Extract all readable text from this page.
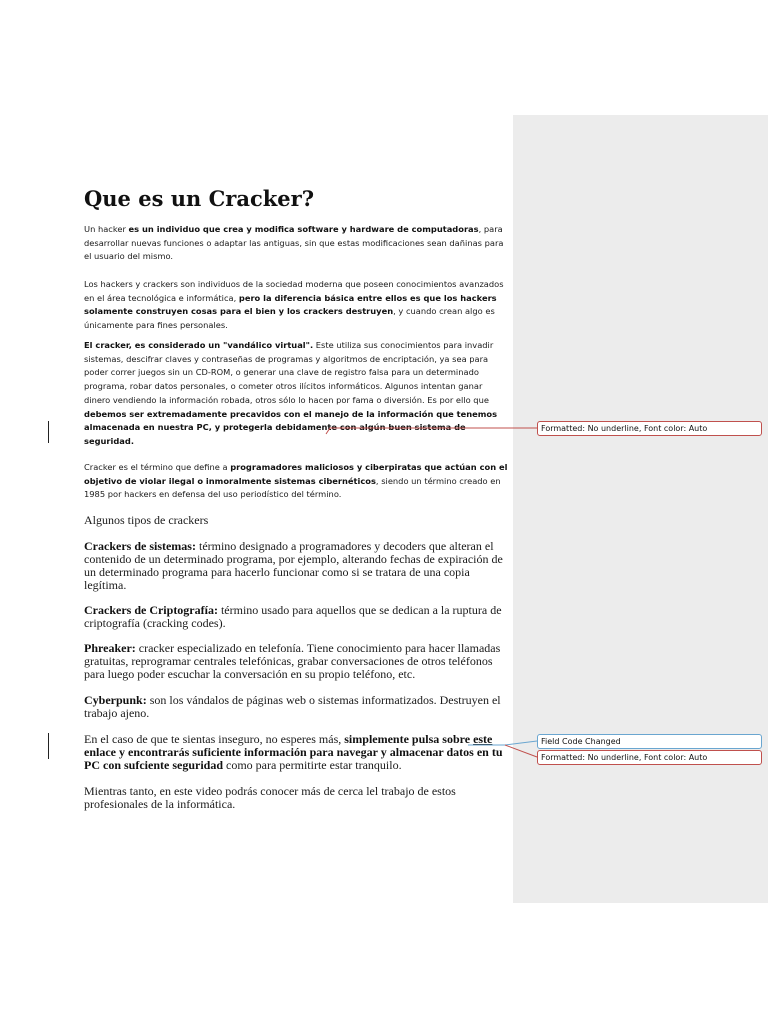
Que es un Cracker?

Un hacker es un individuo que crea y modifica software y hardware de computadoras, para desarrollar nuevas funciones o adaptar las antiguas, sin que estas modificaciones sean dañinas para el usuario del mismo.

Los hackers y crackers son individuos de la sociedad moderna que poseen conocimientos avanzados en el área tecnológica e informática, pero la diferencia básica entre ellos es que los hackers solamente construyen cosas para el bien y los crackers destruyen, y cuando crean algo es únicamente para fines personales.

El cracker, es considerado un "vandálico virtual". Este utiliza sus conocimientos para invadir sistemas, descifrar claves y contraseñas de programas y algoritmos de encriptación, ya sea para poder correr juegos sin un CD-ROM, o generar una clave de registro falsa para un determinado programa, robar datos personales, o cometer otros ilícitos informáticos. Algunos intentan ganar dinero vendiendo la información robada, otros sólo lo hacen por fama o diversión. Es por ello que debemos ser extremadamente precavidos con el manejo de la información que tenemos almacenada en nuestra PC, y protegerla debidamente con algún buen sistema de seguridad.

Cracker es el término que define a programadores maliciosos y ciberpiratas que actúan con el objetivo de violar ilegal o inmoralmente sistemas cibernéticos, siendo un término creado en 1985 por hackers en defensa del uso periodístico del término.

Algunos tipos de crackers

Crackers de sistemas: término designado a programadores y decoders que alteran el contenido de un determinado programa, por ejemplo, alterando fechas de expiración de un determinado programa para hacerlo funcionar como si se tratara de una copia legítima.

Crackers de Criptografía: término usado para aquellos que se dedican a la ruptura de criptografía (cracking codes).

Phreaker: cracker especializado en telefonía. Tiene conocimiento para hacer llamadas gratuitas, reprogramar centrales telefónicas, grabar conversaciones de otros teléfonos para luego poder escuchar la conversación en su propio teléfono, etc.

Cyberpunk: son los vándalos de páginas web o sistemas informatizados. Destruyen el trabajo ajeno.

En el caso de que te sientas inseguro, no esperes más, simplemente pulsa sobre este enlace y encontrarás suficiente información para navegar y almacenar datos en tu PC con sufciente seguridad como para permitirte estar tranquilo.

Mientras tanto, en este video podrás conocer más de cerca lel trabajo de estos profesionales de la informática.

Formatted: No underline, Font color: Auto
Field Code Changed
Formatted: No underline, Font color: Auto
